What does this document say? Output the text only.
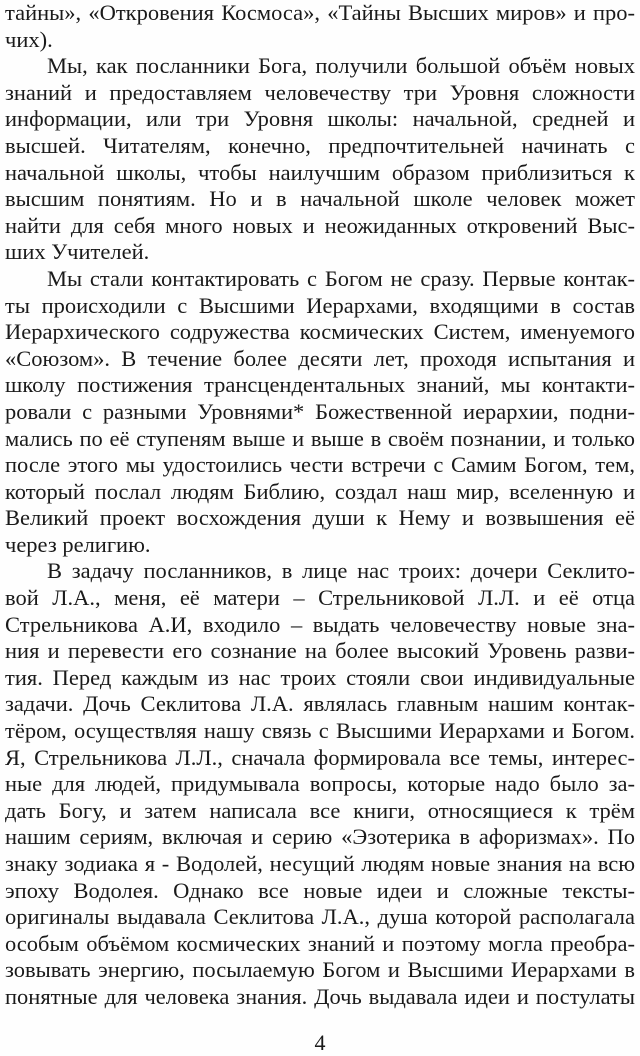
тайны», «Откровения Космоса», «Тайны Высших миров» и про-
чих).
Мы, как посланники Бога, получили большой объём новых
знаний и предоставляем человечеству три Уровня сложности
информации, или три Уровня школы: начальной, средней и
высшей. Читателям, конечно, предпочтительней начинать с
начальной школы, чтобы наилучшим образом приблизиться к
высшим понятиям. Но и в начальной школе человек может
найти для себя много новых и неожиданных откровений Выс-
ших Учителей.
Мы стали контактировать с Богом не сразу. Первые контак-
ты происходили с Высшими Иерархами, входящими в состав
Иерархического содружества космических Систем, именуемого
«Союзом». В течение более десяти лет, проходя испытания и
школу постижения трансцендентальных знаний, мы контакти-
ровали с разными Уровнями* Божественной иерархии, подни-
мались по её ступеням выше и выше в своём познании, и только
после этого мы удостоились чести встречи с Самим Богом, тем,
который послал людям Библию, создал наш мир, вселенную и
Великий проект восхождения души к Нему и возвышения её
через религию.
В задачу посланников, в лице нас троих: дочери Секлито-
вой Л.А., меня, её матери – Стрельниковой Л.Л. и её отца
Стрельникова А.И, входило – выдать человечеству новые зна-
ния и перевести его сознание на более высокий Уровень разви-
тия. Перед каждым из нас троих стояли свои индивидуальные
задачи. Дочь Секлитова Л.А. являлась главным нашим контак-
тёром, осуществляя нашу связь с Высшими Иерархами и Богом.
Я, Стрельникова Л.Л., сначала формировала все темы, интерес-
ные для людей, придумывала вопросы, которые надо было за-
дать Богу, и затем написала все книги, относящиеся к трём
нашим сериям, включая и серию «Эзотерика в афоризмах». По
знаку зодиака я - Водолей, несущий людям новые знания на всю
эпоху Водолея. Однако все новые идеи и сложные тексты-
оригиналы выдавала Секлитова Л.А., душа которой располагала
особым объёмом космических знаний и поэтому могла преобра-
зовывать энергию, посылаемую Богом и Высшими Иерархами в
понятные для человека знания. Дочь выдавала идеи и постулаты
4
